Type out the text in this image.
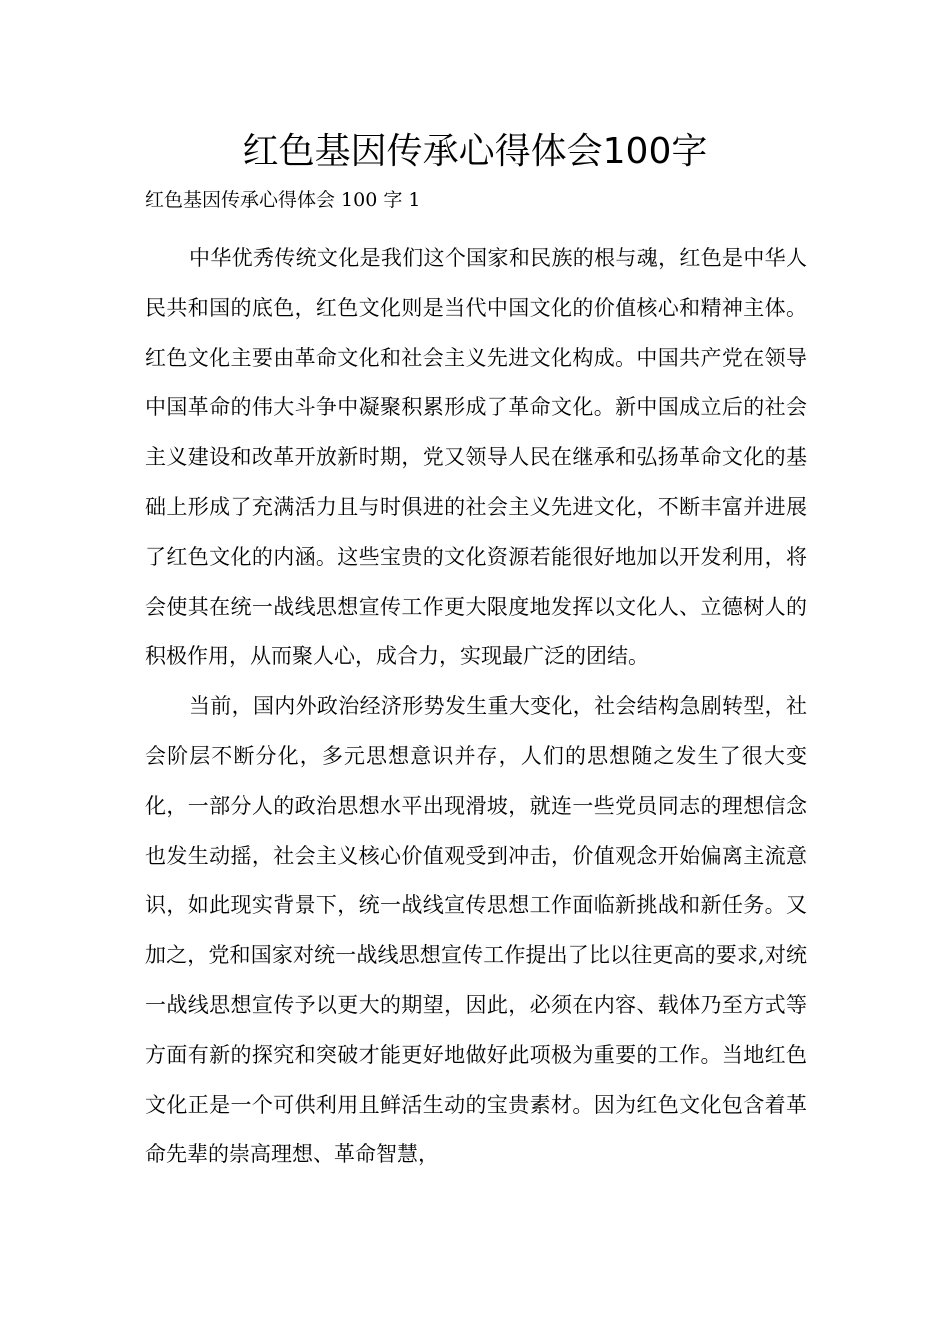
红色基因传承心得体会100字
红色基因传承心得体会 100 字 1

中华优秀传统文化是我们这个国家和民族的根与魂，红色是中华人民共和国的底色，红色文化则是当代中国文化的价值核心和精神主体。红色文化主要由革命文化和社会主义先进文化构成。中国共产党在领导中国革命的伟大斗争中凝聚积累形成了革命文化。新中国成立后的社会主义建设和改革开放新时期，党又领导人民在继承和弘扬革命文化的基础上形成了充满活力且与时俱进的社会主义先进文化，不断丰富并进展了红色文化的内涵。这些宝贵的文化资源若能很好地加以开发利用，将会使其在统一战线思想宣传工作更大限度地发挥以文化人、立德树人的积极作用，从而聚人心，成合力，实现最广泛的团结。

当前，国内外政治经济形势发生重大变化，社会结构急剧转型，社会阶层不断分化，多元思想意识并存，人们的思想随之发生了很大变化，一部分人的政治思想水平出现滑坡，就连一些党员同志的理想信念也发生动摇，社会主义核心价值观受到冲击，价值观念开始偏离主流意识，如此现实背景下，统一战线宣传思想工作面临新挑战和新任务。又加之，党和国家对统一战线思想宣传工作提出了比以往更高的要求,对统一战线思想宣传予以更大的期望，因此，必须在内容、载体乃至方式等方面有新的探究和突破才能更好地做好此项极为重要的工作。当地红色文化正是一个可供利用且鲜活生动的宝贵素材。因为红色文化包含着革命先辈的崇高理想、革命智慧，
